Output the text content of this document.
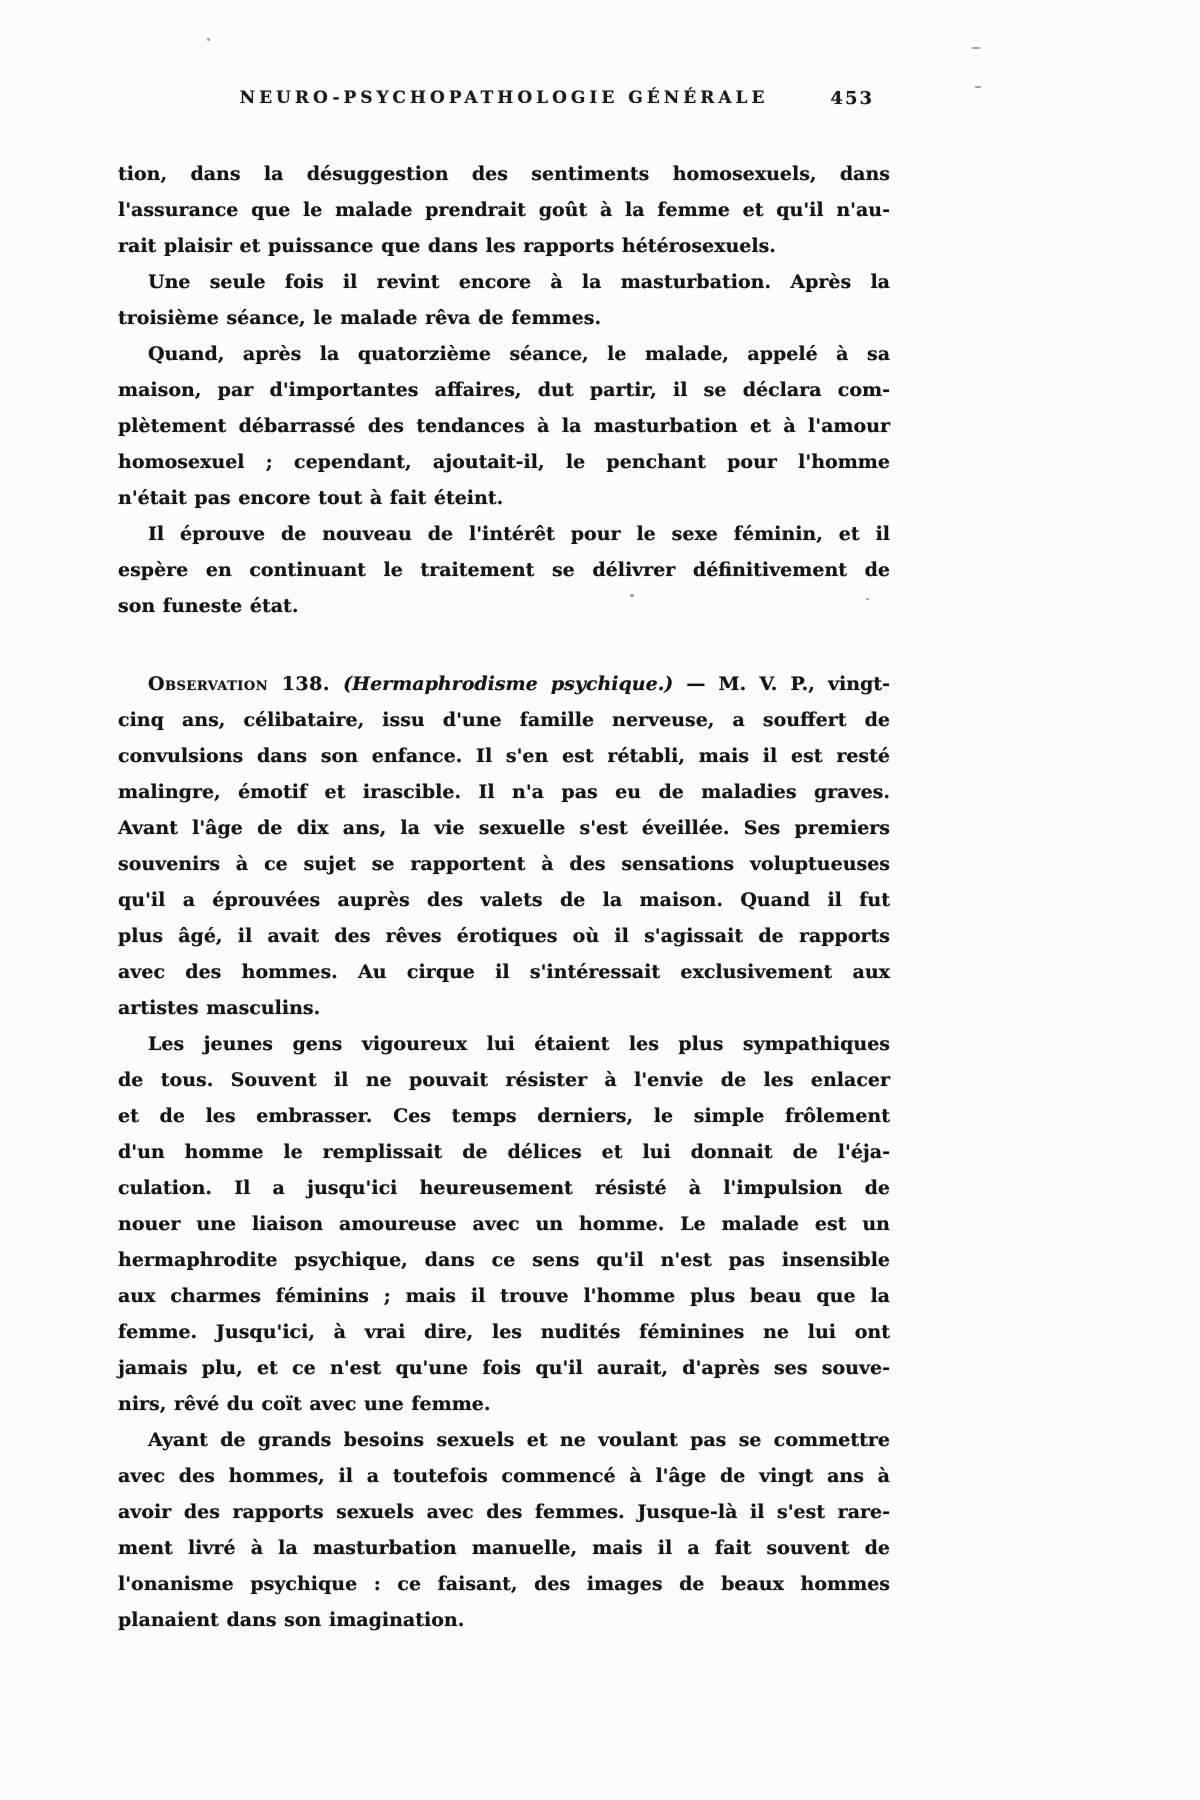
NEURO-PSYCHOPATHOLOGIE GÉNÉRALE	453
tion, dans la désuggestion des sentiments homosexuels, dans
l'assurance que le malade prendrait goût à la femme et qu'il n'au-
rait plaisir et puissance que dans les rapports hétérosexuels.
Une seule fois il revint encore à la masturbation. Après la
troisième séance, le malade rêva de femmes.
Quand, après la quatorzième séance, le malade, appelé à sa
maison, par d'importantes affaires, dut partir, il se déclara com-
plètement débarrassé des tendances à la masturbation et à l'amour
homosexuel ; cependant, ajoutait-il, le penchant pour l'homme
n'était pas encore tout à fait éteint.
Il éprouve de nouveau de l'intérêt pour le sexe féminin, et il
espère en continuant le traitement se délivrer définitivement de
son funeste état.
Observation 138. (Hermaphrodisme psychique.) — M. V. P., vingt-
cinq ans, célibataire, issu d'une famille nerveuse, a souffert de
convulsions dans son enfance. Il s'en est rétabli, mais il est resté
malingre, émotif et irascible. Il n'a pas eu de maladies graves.
Avant l'âge de dix ans, la vie sexuelle s'est éveillée. Ses premiers
souvenirs à ce sujet se rapportent à des sensations voluptueuses
qu'il a éprouvées auprès des valets de la maison. Quand il fut
plus âgé, il avait des rêves érotiques où il s'agissait de rapports
avec des hommes. Au cirque il s'intéressait exclusivement aux
artistes masculins.
Les jeunes gens vigoureux lui étaient les plus sympathiques
de tous. Souvent il ne pouvait résister à l'envie de les enlacer
et de les embrasser. Ces temps derniers, le simple frôlement
d'un homme le remplissait de délices et lui donnait de l'éja-
culation. Il a jusqu'ici heureusement résisté à l'impulsion de
nouer une liaison amoureuse avec un homme. Le malade est un
hermaphrodite psychique, dans ce sens qu'il n'est pas insensible
aux charmes féminins ; mais il trouve l'homme plus beau que la
femme. Jusqu'ici, à vrai dire, les nudités féminines ne lui ont
jamais plu, et ce n'est qu'une fois qu'il aurait, d'après ses souve-
nirs, rêvé du coït avec une femme.
Ayant de grands besoins sexuels et ne voulant pas se commettre
avec des hommes, il a toutefois commencé à l'âge de vingt ans à
avoir des rapports sexuels avec des femmes. Jusque-là il s'est rare-
ment livré à la masturbation manuelle, mais il a fait souvent de
l'onanisme psychique : ce faisant, des images de beaux hommes
planaient dans son imagination.
